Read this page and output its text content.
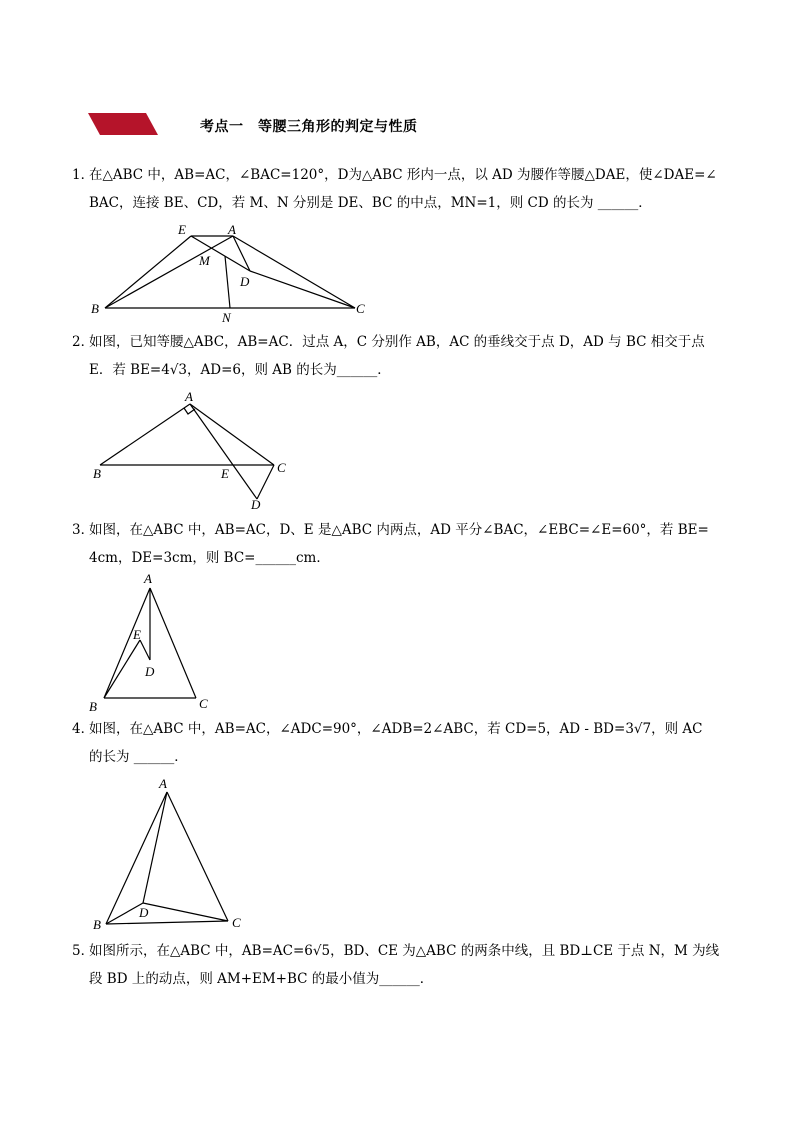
考点一　等腰三角形的判定与性质
1．在△ABC 中，AB=AC，∠BAC=120°，D为△ABC 形内一点，以 AD 为腰作等腰△DAE，使∠DAE=∠
BAC，连接 BE、CD，若 M、N 分别是 DE、BC 的中点，MN=1，则 CD 的长为 ______．
E	A
M
D
B
N
C
2．如图，已知等腰△ABC，AB=AC．过点 A，C 分别作 AB，AC 的垂线交于点 D，AD 与 BC 相交于点
E．若 BE=4√3，AD=6，则 AB 的长为______．
A
B	E	C
D
3．如图，在△ABC 中，AB=AC，D、E 是△ABC 内两点，AD 平分∠BAC，∠EBC=∠E=60°，若 BE=
4cm，DE=3cm，则 BC=______cm．
A
E
D
B	C
4．如图，在△ABC 中，AB=AC，∠ADC=90°，∠ADB=2∠ABC，若 CD=5，AD - BD=3√7，则 AC
的长为 ______．
A
B
D
C
5．如图所示，在△ABC 中，AB=AC=6√5，BD、CE 为△ABC 的两条中线，且 BD⊥CE 于点 N，M 为线
段 BD 上的动点，则 AM+EM+BC 的最小值为______．
